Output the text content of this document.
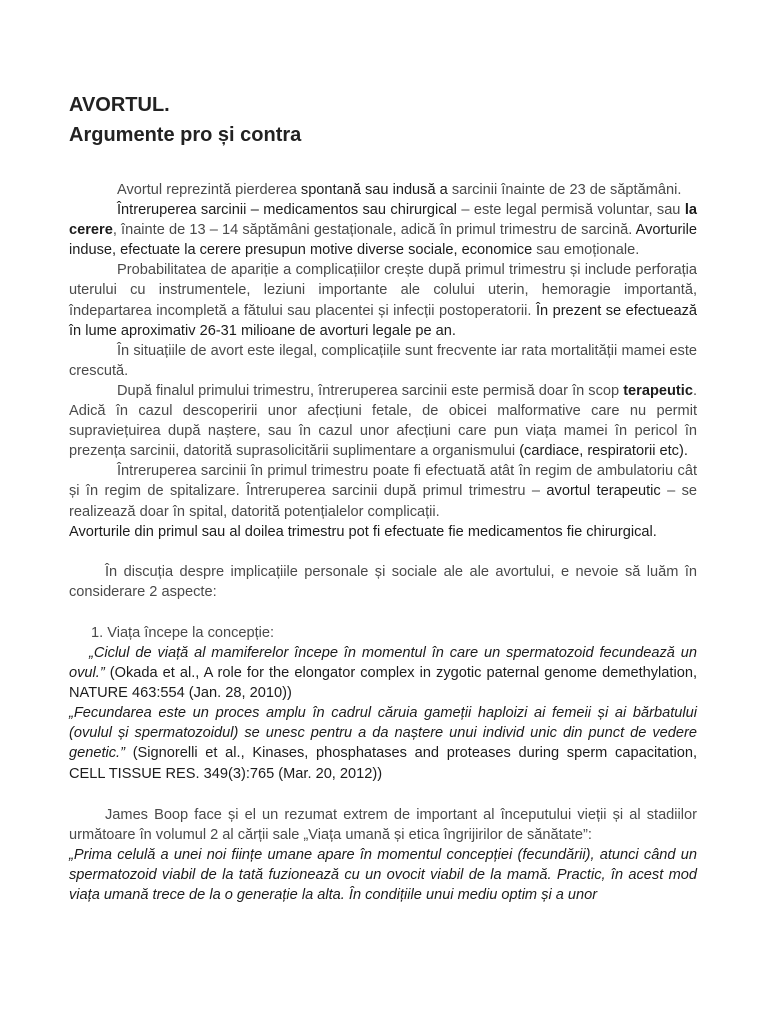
AVORTUL.
Argumente pro și contra

Avortul reprezintă pierderea spontană sau indusă a sarcinii înainte de 23 de săptămâni.

Întreruperea sarcinii – medicamentos sau chirurgical – este legal permisă voluntar, sau la cerere, înainte de 13 – 14 săptămâni gestaționale, adică în primul trimestru de sarcină. Avorturile induse, efectuate la cerere presupun motive diverse sociale, economice sau emoționale.

Probabilitatea de apariție a complicațiilor crește după primul trimestru și include perforația uterului cu instrumentele, leziuni importante ale colului uterin, hemoragie importantă, îndepartarea incompletă a fătului sau placentei și infecții postoperatorii. În prezent se efectuează în lume aproximativ 26-31 milioane de avorturi legale pe an.

În situațiile de avort este ilegal, complicațiile sunt frecvente iar rata mortalității mamei este crescută.

După finalul primului trimestru, întreruperea sarcinii este permisă doar în scop terapeutic. Adică în cazul descoperirii unor afecțiuni fetale, de obicei malformative care nu permit supraviețuirea după naștere, sau în cazul unor afecțiuni care pun viața mamei în pericol în prezența sarcinii, datorită suprasolicitării suplimentare a organismului (cardiace, respiratorii etc).

Întreruperea sarcinii în primul trimestru poate fi efectuată atât în regim de ambulatoriu cât și în regim de spitalizare. Întreruperea sarcinii după primul trimestru – avortul terapeutic – se realizează doar în spital, datorită potențialelor complicații.

Avorturile din primul sau al doilea trimestru pot fi efectuate fie medicamentos fie chirurgical.

În discuția despre implicațiile personale și sociale ale ale avortului, e nevoie să luăm în considerare 2 aspecte:

1. Viața începe la concepție:

„Ciclul de viață al mamiferelor începe în momentul în care un spermatozoid fecundează un ovul.” (Okada et al., A role for the elongator complex in zygotic paternal genome demethylation, NATURE 463:554 (Jan. 28, 2010))

„Fecundarea este un proces amplu în cadrul căruia gameții haploizi ai femeii și ai bărbatului (ovulul și spermatozoidul) se unesc pentru a da naștere unui individ unic din punct de vedere genetic.” (Signorelli et al., Kinases, phosphatases and proteases during sperm capacitation, CELL TISSUE RES. 349(3):765 (Mar. 20, 2012))

James Boop face și el un rezumat extrem de important al începutului vieții și al stadiilor următoare în volumul 2 al cărții sale „Viața umană și etica îngrijirilor de sănătate”:

„Prima celulă a unei noi ființe umane apare în momentul concepției (fecundării), atunci când un spermatozoid viabil de la tată fuzionează cu un ovocit viabil de la mamă. Practic, în acest mod viața umană trece de la o generație la alta. În condițiile unui mediu optim și a unor
